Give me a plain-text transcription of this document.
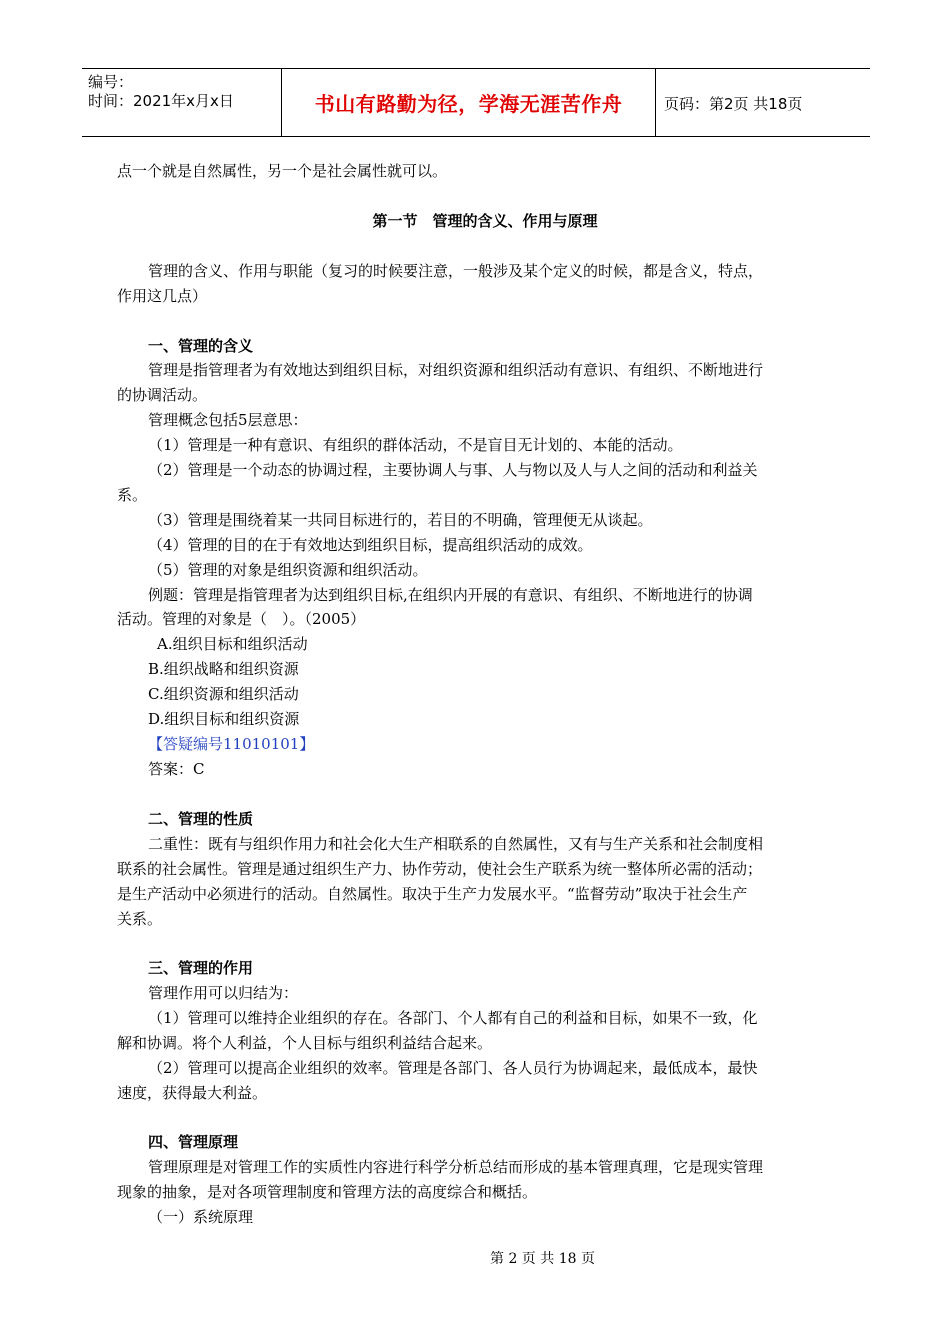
编号：
时间：2021年x月x日	书山有路勤为径，学海无涯苦作舟	页码：第2页 共18页
点一个就是自然属性，另一个是社会属性就可以。
第一节　管理的含义、作用与原理
管理的含义、作用与职能（复习的时候要注意，一般涉及某个定义的时候，都是含义，特点，
作用这几点）
一、管理的含义
管理是指管理者为有效地达到组织目标，对组织资源和组织活动有意识、有组织、不断地进行
的协调活动。
管理概念包括5层意思：
（1）管理是一种有意识、有组织的群体活动，不是盲目无计划的、本能的活动。
（2）管理是一个动态的协调过程，主要协调人与事、人与物以及人与人之间的活动和利益关
系。
（3）管理是围绕着某一共同目标进行的，若目的不明确，管理便无从谈起。
（4）管理的目的在于有效地达到组织目标，提高组织活动的成效。
（5）管理的对象是组织资源和组织活动。
例题：管理是指管理者为达到组织目标,在组织内开展的有意识、有组织、不断地进行的协调
活动。管理的对象是（　）。（2005）
A.组织目标和组织活动
B.组织战略和组织资源
C.组织资源和组织活动
D.组织目标和组织资源
【答疑编号11010101】
答案：C
二、管理的性质
二重性：既有与组织作用力和社会化大生产相联系的自然属性，又有与生产关系和社会制度相
联系的社会属性。管理是通过组织生产力、协作劳动，使社会生产联系为统一整体所必需的活动；
是生产活动中必须进行的活动。自然属性。取决于生产力发展水平。“监督劳动”取决于社会生产
关系。
三、管理的作用
管理作用可以归结为：
（1）管理可以维持企业组织的存在。各部门、个人都有自己的利益和目标，如果不一致，化
解和协调。将个人利益，个人目标与组织利益结合起来。
（2）管理可以提高企业组织的效率。管理是各部门、各人员行为协调起来，最低成本，最快
速度，获得最大利益。
四、管理原理
管理原理是对管理工作的实质性内容进行科学分析总结而形成的基本管理真理，它是现实管理
现象的抽象，是对各项管理制度和管理方法的高度综合和概括。
（一）系统原理
第 2 页 共 18 页
